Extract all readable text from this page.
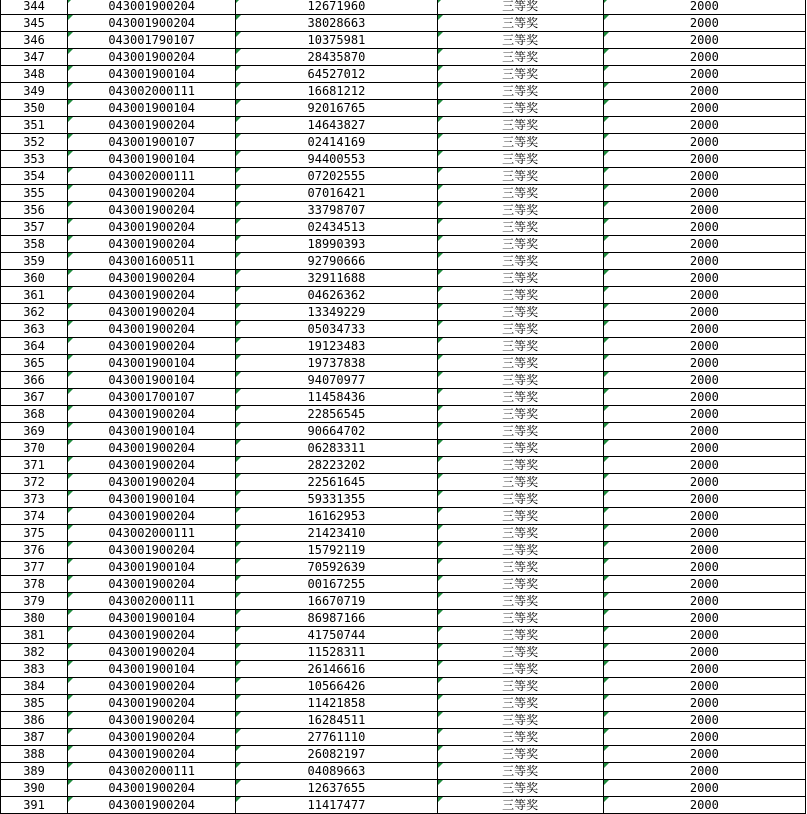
344	043001900204	12671960	三等奖	2000
345	043001900204	38028663	三等奖	2000
346	043001790107	10375981	三等奖	2000
347	043001900204	28435870	三等奖	2000
348	043001900104	64527012	三等奖	2000
349	043002000111	16681212	三等奖	2000
350	043001900104	92016765	三等奖	2000
351	043001900204	14643827	三等奖	2000
352	043001900107	02414169	三等奖	2000
353	043001900104	94400553	三等奖	2000
354	043002000111	07202555	三等奖	2000
355	043001900204	07016421	三等奖	2000
356	043001900204	33798707	三等奖	2000
357	043001900204	02434513	三等奖	2000
358	043001900204	18990393	三等奖	2000
359	043001600511	92790666	三等奖	2000
360	043001900204	32911688	三等奖	2000
361	043001900204	04626362	三等奖	2000
362	043001900204	13349229	三等奖	2000
363	043001900204	05034733	三等奖	2000
364	043001900204	19123483	三等奖	2000
365	043001900104	19737838	三等奖	2000
366	043001900104	94070977	三等奖	2000
367	043001700107	11458436	三等奖	2000
368	043001900204	22856545	三等奖	2000
369	043001900104	90664702	三等奖	2000
370	043001900204	06283311	三等奖	2000
371	043001900204	28223202	三等奖	2000
372	043001900204	22561645	三等奖	2000
373	043001900104	59331355	三等奖	2000
374	043001900204	16162953	三等奖	2000
375	043002000111	21423410	三等奖	2000
376	043001900204	15792119	三等奖	2000
377	043001900104	70592639	三等奖	2000
378	043001900204	00167255	三等奖	2000
379	043002000111	16670719	三等奖	2000
380	043001900104	86987166	三等奖	2000
381	043001900204	41750744	三等奖	2000
382	043001900204	11528311	三等奖	2000
383	043001900104	26146616	三等奖	2000
384	043001900204	10566426	三等奖	2000
385	043001900204	11421858	三等奖	2000
386	043001900204	16284511	三等奖	2000
387	043001900204	27761110	三等奖	2000
388	043001900204	26082197	三等奖	2000
389	043002000111	04089663	三等奖	2000
390	043001900204	12637655	三等奖	2000
391	043001900204	11417477	三等奖	2000
